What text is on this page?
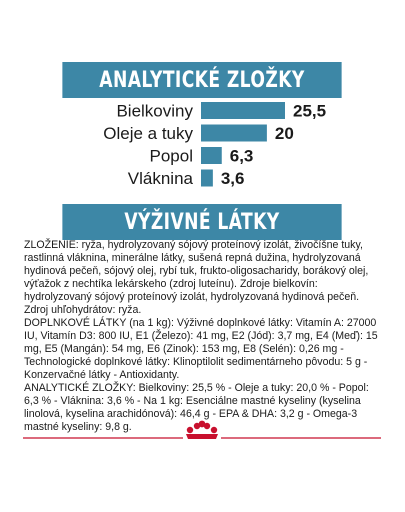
ANALYTICKÉ ZLOŽKY
Bielkoviny	25,5
Oleje a tuky	20
Popol 6,3
Vláknina 3,6
VÝŽIVNÉ LÁTKY

ZLOŽENIE: ryža, hydrolyzovaný sójový proteínový izolát, živočíšne tuky, rastlinná vláknina, minerálne látky, sušená repná dužina, hydrolyzovaná hydinová pečeň, sójový olej, rybí tuk, frukto-oligosacharidy, borákový olej, výťažok z nechtíka lekárskeho (zdroj luteínu). Zdroje bielkovín: hydrolyzovaný sójový proteínový izolát, hydrolyzovaná hydinová pečeň. Zdroj uhľohydrátov: ryža.

DOPLNKOVÉ LÁTKY (na 1 kg): Výživné doplnkové látky: Vitamín A: 27000 IU, Vitamín D3: 800 IU, E1 (Železo): 41 mg, E2 (Jód): 3,7 mg, E4 (Meď): 15 mg, E5 (Mangán): 54 mg, E6 (Zinok): 153 mg, E8 (Selén): 0,26 mg - Technologické doplnkové látky: Klinoptilolit sedimentárneho pôvodu: 5 g - Konzervačné látky - Antioxidanty.

ANALYTICKÉ ZLOŽKY: Bielkoviny: 25,5 % - Oleje a tuky: 20,0 % - Popol: 6,3 % - Vláknina: 3,6 % - Na 1 kg: Esenciálne mastné kyseliny (kyselina linolová, kyselina arachidónová): 46,4 g - EPA & DHA: 3,2 g - Omega-3 mastné kyseliny: 9,8 g.
